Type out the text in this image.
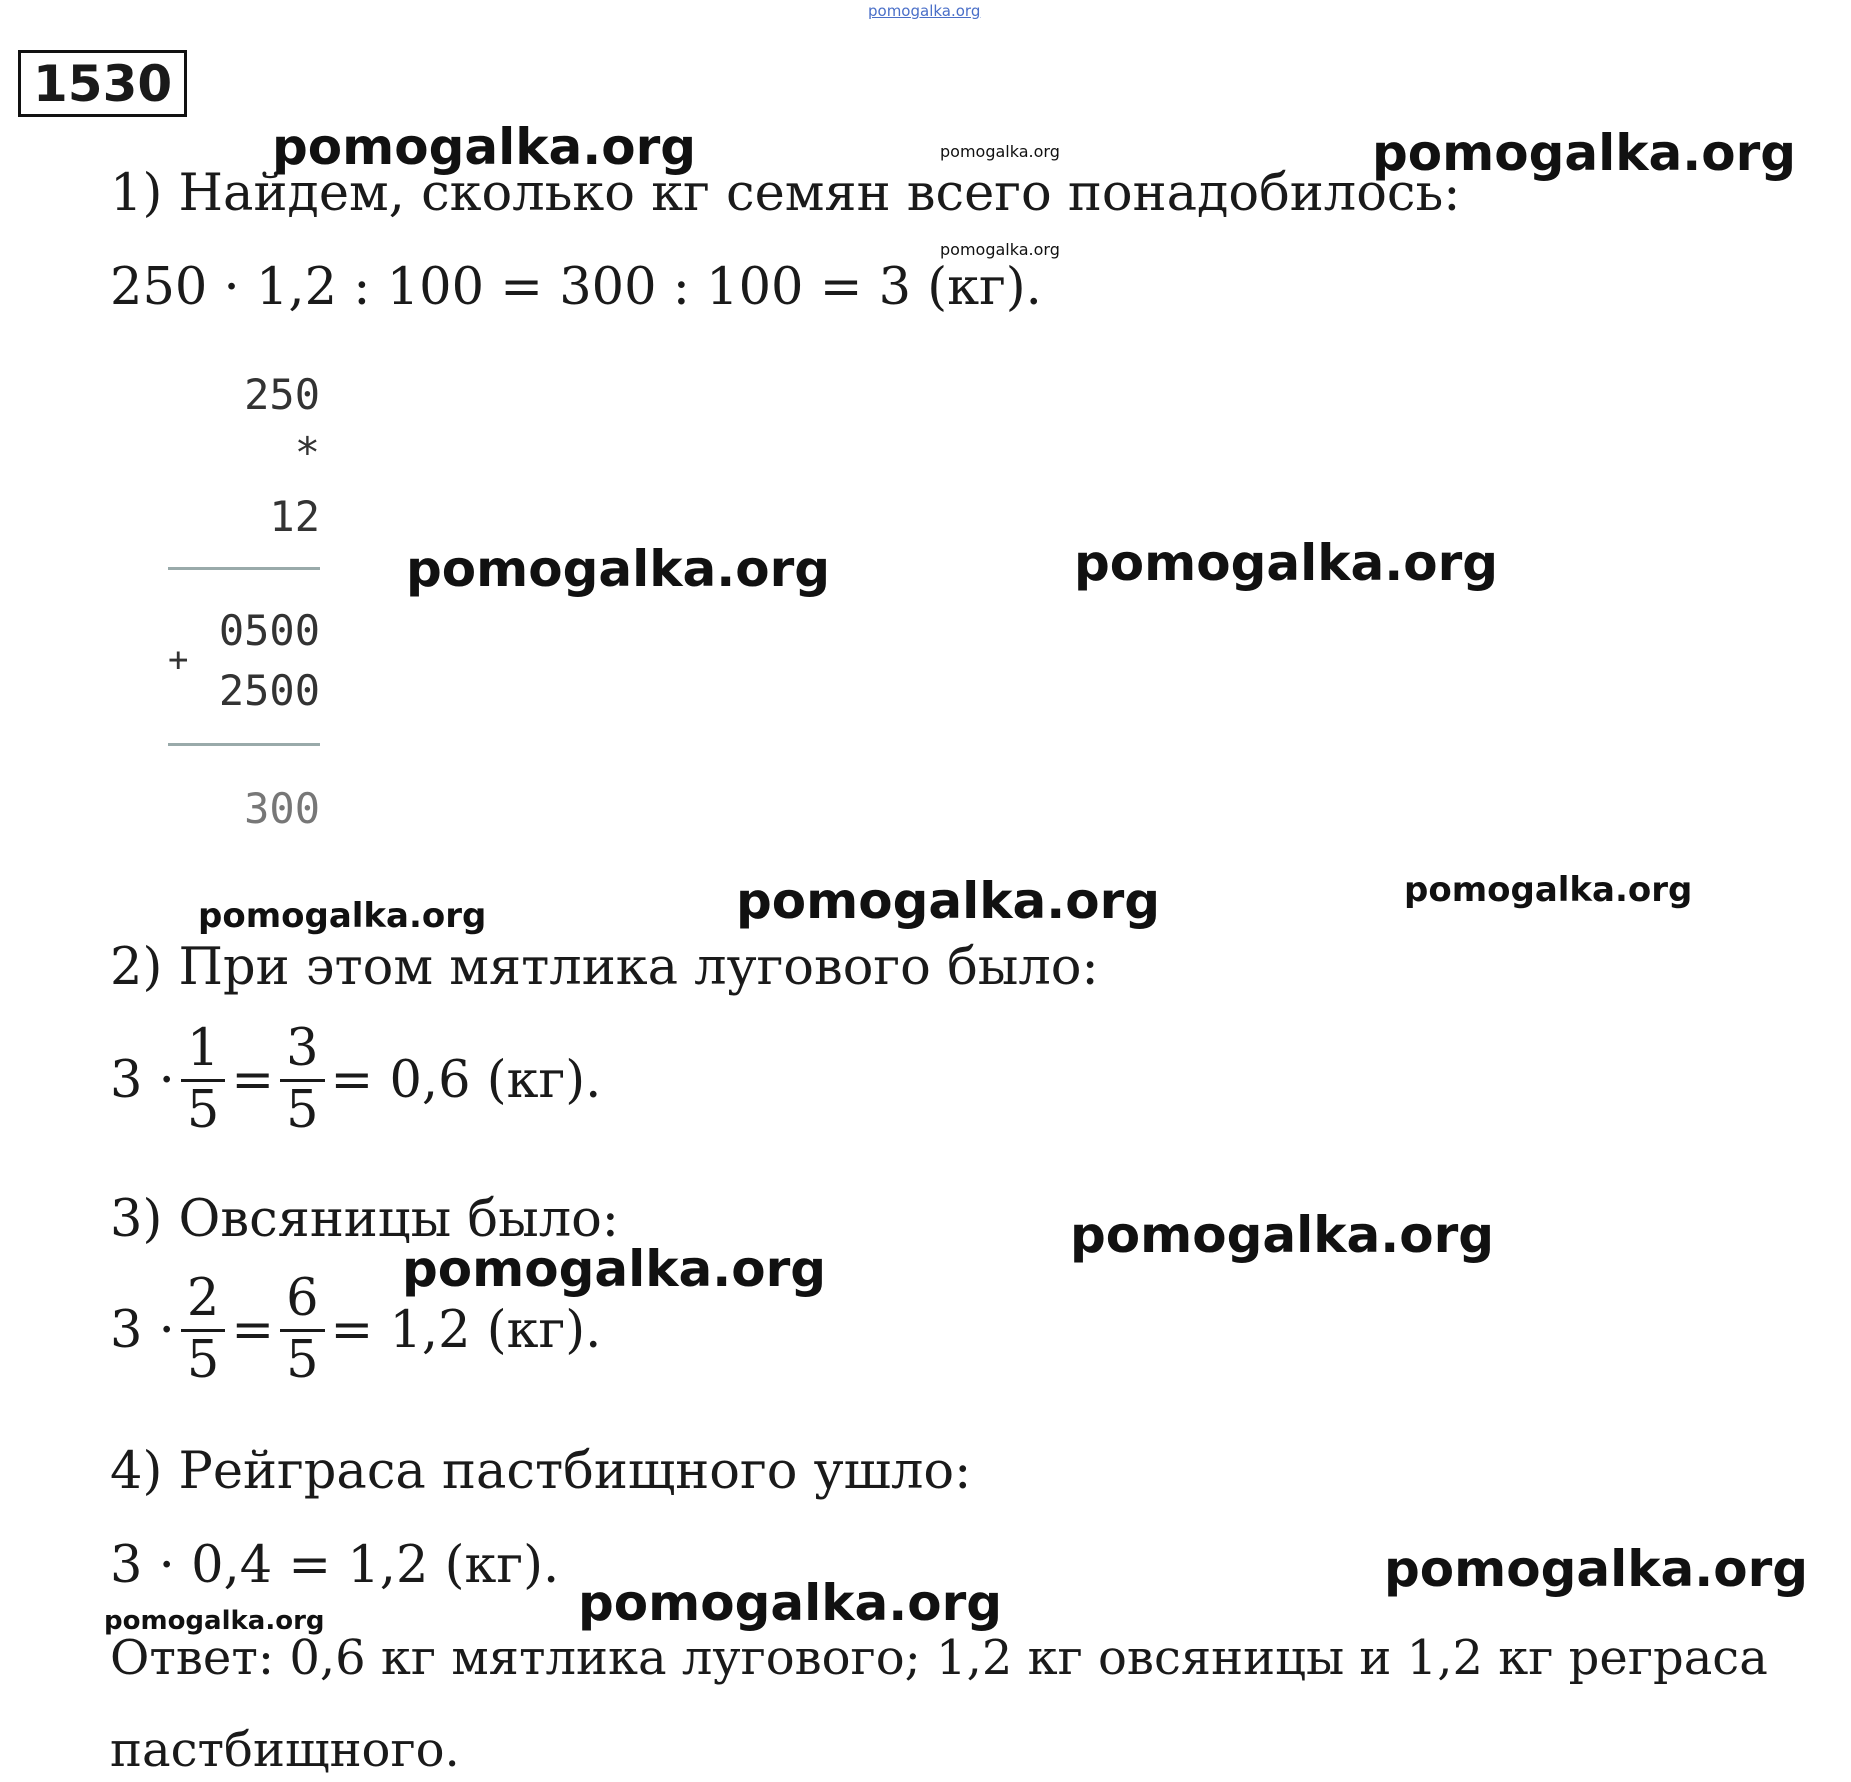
pomogalka.org
1530
1) Найдем, сколько кг семян всего понадобилось:
250 · 1,2 : 100 = 300 : 100 = 3 (кг).
250
*
12
0500
+
2500
300
2) При этом мятлика лугового было:
$3 \cdot \frac{1}{5} = \frac{3}{5} = 0,6$ (кг).
3) Овсяницы было:
$3 \cdot \frac{2}{5} = \frac{6}{5} = 1,2$ (кг).
4) Рейграса пастбищного ушло:
3 · 0,4 = 1,2 (кг).
Ответ: 0,6 кг мятлика лугового; 1,2 кг овсяницы и 1,2 кг реграса
пастбищного.
pomogalka.org	pomogalka.org	pomogalka.org
pomogalka.org
pomogalka.org	pomogalka.org
pomogalka.org	pomogalka.org	pomogalka.org
pomogalka.org
pomogalka.org
pomogalka.org
pomogalka.org	pomogalka.org
